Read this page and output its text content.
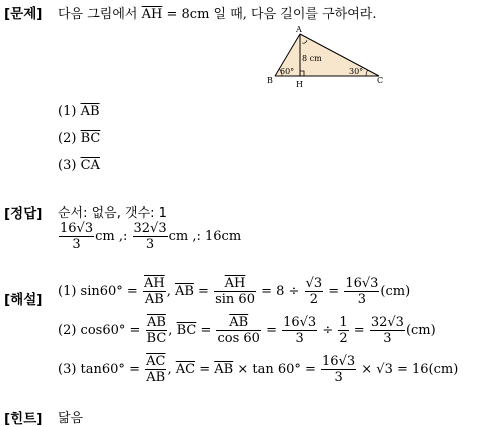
[문제] 다음 그림에서 $\overline{AH} = 8cm$ 일 때, 다음 길이를 구하여라.
A
B	H	C
60°	30°
8 cm
(1) $\overline{AB}$
(2) $\overline{BC}$
(3) $\overline{CA}$
[정답] 순서: 없음, 갯수: 1
$\frac{16√3}{3}$ cm ,: $\frac{32√3}{3}$ cm ,: 16cm
[해설]
(1) $\sin 60^\circ = \frac{\overline{AH}}{AB}$ , $\overline{AB} = \frac{\overline{AH}}{\sin 60} = 8 \div \frac{√3}{2} = \frac{16√3}{3} (cm)$
(2) $\cos 60^\circ = \frac{\overline{AB}}{BC}$ , $\overline{BC} = \frac{\overline{AB}}{\cos 60} = \frac{16√3}{3} \div \frac{1}{2} = \frac{32√3}{3} (cm)$
(3) $\tan 60^\circ = \frac{\overline{AC}}{AB}$ , $\overline{AC} = \overline{AB} \times \tan 60^\circ = \frac{16√3}{3} \times √3 = 16(cm)$
[힌트] 닮음
